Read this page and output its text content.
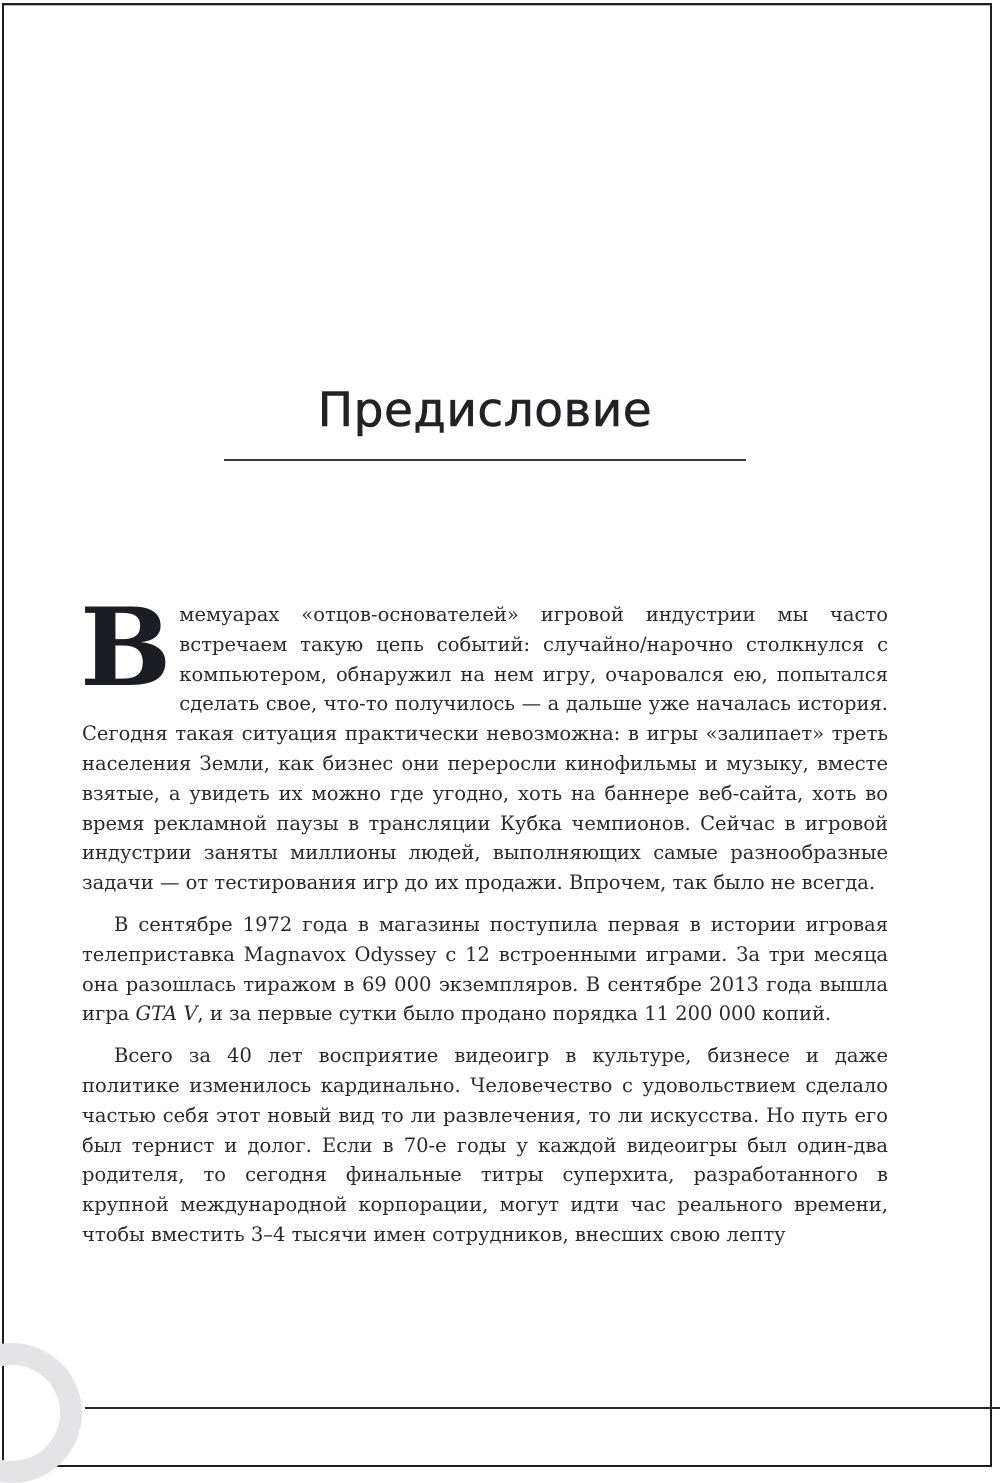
Предисловие

В мемуарах «отцов-основателей» игровой индустрии мы часто встречаем такую цепь событий: случайно/нарочно столкнулся с компьютером, обнаружил на нем игру, очаровался ею, попытался сделать свое, что-то получилось — а дальше уже началась история. Сегодня такая ситуация практически невозможна: в игры «залипает» треть населения Земли, как бизнес они переросли кинофильмы и музыку, вместе взятые, а увидеть их можно где угодно, хоть на баннере веб-сайта, хоть во время рекламной паузы в трансляции Кубка чемпионов. Сейчас в игровой индустрии заняты миллионы людей, выполняющих самые разнообразные задачи — от тестирования игр до их продажи. Впрочем, так было не всегда.

В сентябре 1972 года в магазины поступила первая в истории игровая телеприставка Magnavox Odyssey с 12 встроенными играми. За три месяца она разошлась тиражом в 69 000 экземпляров. В сентябре 2013 года вышла игра GTA V, и за первые сутки было продано порядка 11 200 000 копий.

Всего за 40 лет восприятие видеоигр в культуре, бизнесе и даже политике изменилось кардинально. Человечество с удовольствием сделало частью себя этот новый вид то ли развлечения, то ли искусства. Но путь его был тернист и долог. Если в 70-е годы у каждой видеоигры был один-два родителя, то сегодня финальные титры суперхита, разработанного в крупной международной корпорации, могут идти час реального времени, чтобы вместить 3–4 тысячи имен сотрудников, внесших свою лепту
